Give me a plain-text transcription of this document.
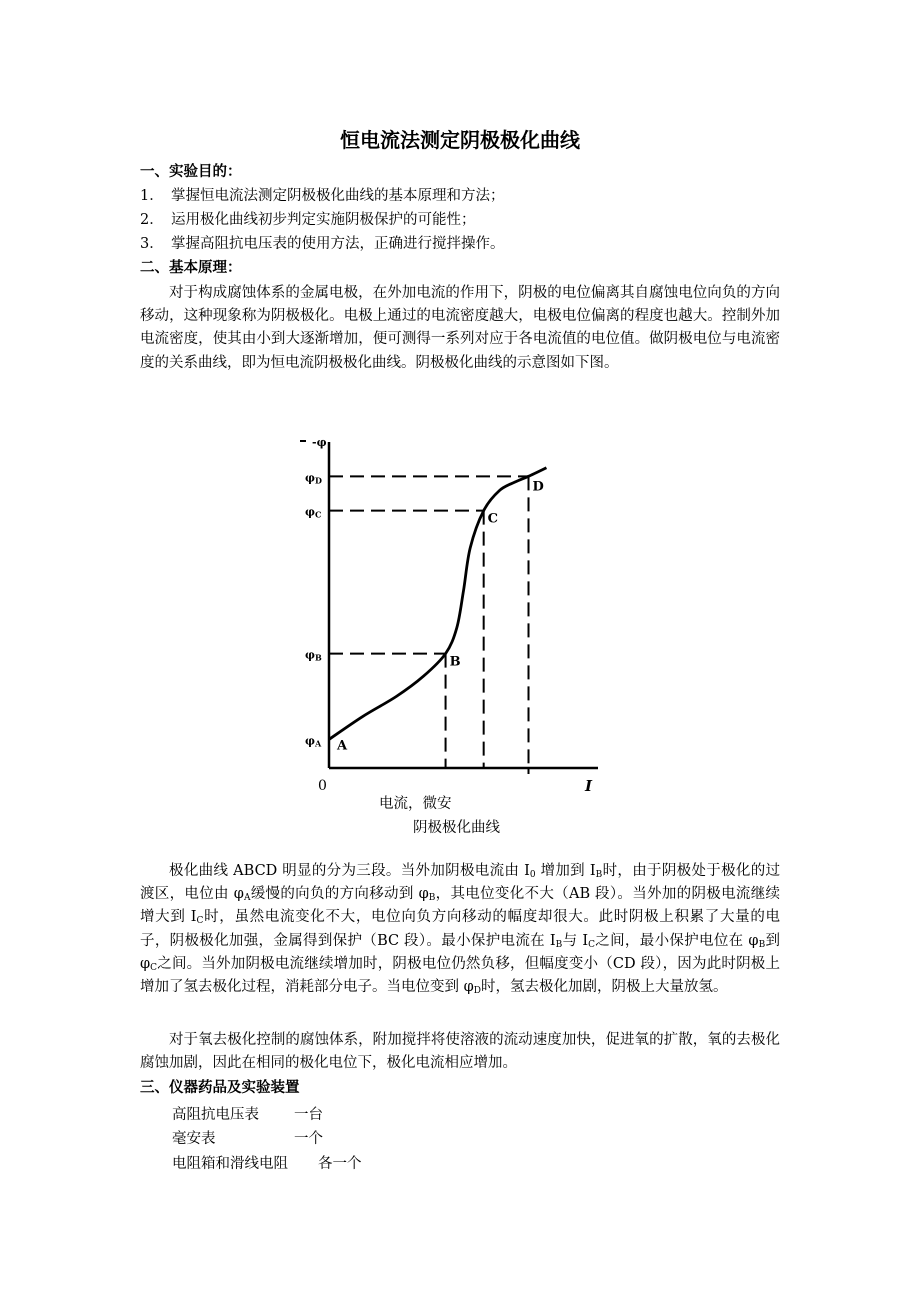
恒电流法测定阴极极化曲线
一、实验目的：
1． 掌握恒电流法测定阴极极化曲线的基本原理和方法；
2． 运用极化曲线初步判定实施阴极保护的可能性；
3． 掌握高阻抗电压表的使用方法，正确进行搅拌操作。
二、基本原理：
对于构成腐蚀体系的金属电极，在外加电流的作用下，阴极的电位偏离其自腐蚀电位向负的方向移动，这种现象称为阴极极化。电极上通过的电流密度越大，电极电位偏离的程度也越大。控制外加电流密度，使其由小到大逐渐增加，便可测得一系列对应于各电流值的电位值。做阴极电位与电流密度的关系曲线，即为恒电流阴极极化曲线。阴极极化曲线的示意图如下图。
A
φA
B
φB
C
φC
D
φD
-φ
0	I
电流，微安
阴极极化曲线
极化曲线 ABCD 明显的分为三段。当外加阴极电流由 $I_0$ 增加到 $I_B$时，由于阴极处于极化的过渡区，电位由 $\varphi_A$缓慢的向负的方向移动到 $\varphi_B$，其电位变化不大（AB 段）。当外加的阴极电流继续增大到 $I_C$时，虽然电流变化不大，电位向负方向移动的幅度却很大。此时阴极上积累了大量的电子，阴极极化加强，金属得到保护（BC 段）。最小保护电流在 $I_B$与 $I_C$之间，最小保护电位在 $\varphi_B$到 $\varphi_C$之间。当外加阴极电流继续增加时，阴极电位仍然负移，但幅度变小（CD 段），因为此时阴极上增加了氢去极化过程，消耗部分电子。当电位变到 $\varphi_D$时，氢去极化加剧，阴极上大量放氢。
对于氧去极化控制的腐蚀体系，附加搅拌将使溶液的流动速度加快，促进氧的扩散，氧的去极化腐蚀加剧，因此在相同的极化电位下，极化电流相应增加。
三、仪器药品及实验装置
高阻抗电压表 一台
毫安表	一个
电阻箱和滑线电阻 各一个
